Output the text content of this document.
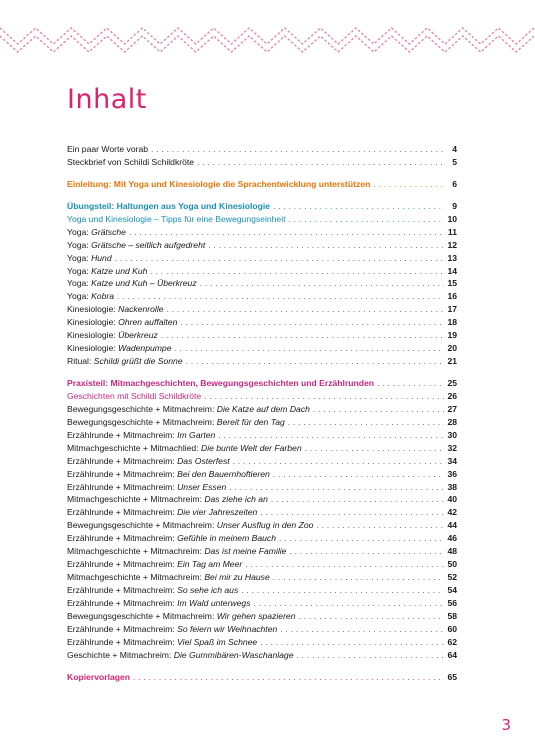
Inhalt
Ein paar Worte vorab . . .	4
Steckbrief von Schildi Schildkröte . . .	5
Einleitung: Mit Yoga und Kinesiologie die Sprachentwicklung unterstützen . . .	6
Übungsteil: Haltungen aus Yoga und Kinesiologie . . .	9
Yoga und Kinesiologie – Tipps für eine Bewegungseinheit . . .	10
Yoga: Grätsche . . .	11
Yoga: Grätsche – seitlich aufgedreht . . .	12
Yoga: Hund . . .	13
Yoga: Katze und Kuh . . .	14
Yoga: Katze und Kuh – Überkreuz . . .	15
Yoga: Kobra . . .	16
Kinesiologie: Nackenrolle . . .	17
Kinesiologie: Ohren auffalten . . .	18
Kinesiologie: Überkreuz . . .	19
Kinesiologie: Wadenpumpe . . .	20
Ritual: Schildi grüßt die Sonne . . .	21
Praxisteil: Mitmachgeschichten, Bewegungsgeschichten und Erzählrunden . . .	25
Geschichten mit Schildi Schildkröte . . .	26
Bewegungsgeschichte + Mitmachreim: Die Katze auf dem Dach . . .	27
Bewegungsgeschichte + Mitmachreim: Bereit für den Tag . . .	28
Erzählrunde + Mitmachreim: Im Garten . . .	30
Mitmachgeschichte + Mitmachlied: Die bunte Welt der Farben . . .	32
Erzählrunde + Mitmachreim: Das Osterfest . . .	34
Erzählrunde + Mitmachreim: Bei den Bauernhoftieren . . .	36
Erzählrunde + Mitmachreim: Unser Essen . . .	38
Mitmachgeschichte + Mitmachreim: Das ziehe ich an . . .	40
Erzählrunde + Mitmachreim: Die vier Jahreszeiten . . .	42
Bewegungsgeschichte + Mitmachreim: Unser Ausflug in den Zoo . . .	44
Erzählrunde + Mitmachreim: Gefühle in meinem Bauch . . .	46
Mitmachgeschichte + Mitmachreim: Das ist meine Familie . . .	48
Erzählrunde + Mitmachreim: Ein Tag am Meer . . .	50
Mitmachgeschichte + Mitmachreim: Bei mir zu Hause . . .	52
Erzählrunde + Mitmachreim: So sehe ich aus . . .	54
Erzählrunde + Mitmachreim: Im Wald unterwegs . . .	56
Bewegungsgeschichte + Mitmachreim: Wir gehen spazieren . . .	58
Erzählrunde + Mitmachreim: So feiern wir Weihnachten . . .	60
Erzählrunde + Mitmachreim: Viel Spaß im Schnee . . .	62
Geschichte + Mitmachreim: Die Gummibären-Waschanlage . . .	64
Kopiervorlagen . . .	65
3
